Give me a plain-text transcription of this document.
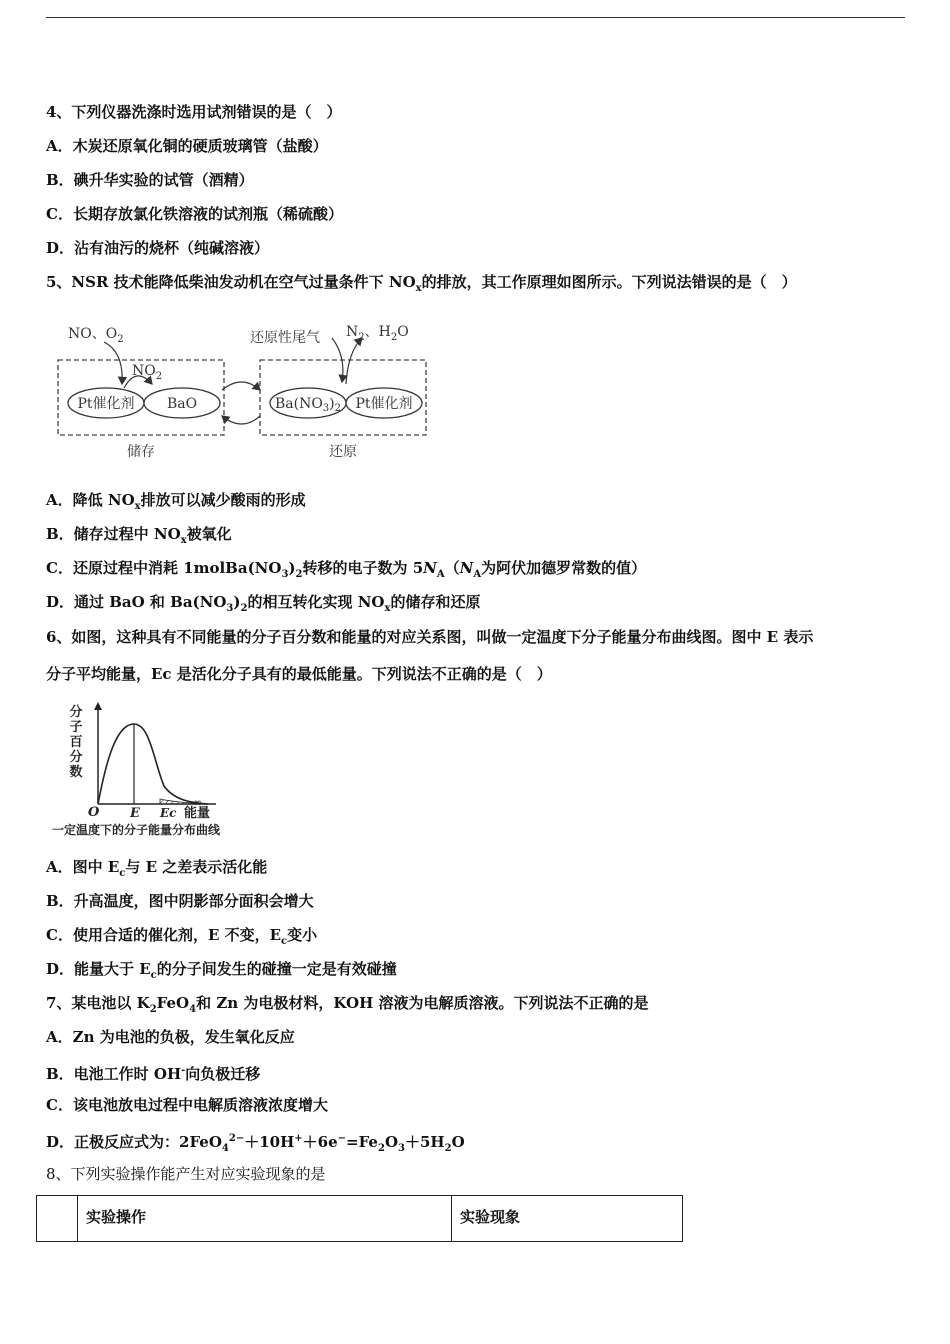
4、下列仪器洗涤时选用试剂错误的是（　）
A．木炭还原氧化铜的硬质玻璃管（盐酸）
B．碘升华实验的试管（酒精）
C．长期存放氯化铁溶液的试剂瓶（稀硫酸）
D．沾有油污的烧杯（纯碱溶液）
5、NSR 技术能降低柴油发动机在空气过量条件下 $NO_x$的排放，其工作原理如图所示。下列说法错误的是（　）
Pt催化剂 BaO	$Ba(NO_3)_2$ Pt催化剂
NO、$O_2$
$NO_2$
还原性尾气 $N_2$、$H_2O$
储存	还原
A．降低 $NO_x$排放可以减少酸雨的形成
B．储存过程中 $NO_x$被氧化
C．还原过程中消耗 $1molBa(NO_3)_2$转移的电子数为 $5N_A(N_A$为阿伏加德罗常数的值）
D．通过 BaO 和 $Ba(NO_3)_2$的相互转化实现 $NO_x$的储存和还原
6、如图，这种具有不同能量的分子百分数和能量的对应关系图，叫做一定温度下分子能量分布曲线图。图中 E 表示
分子平均能量，Ec 是活化分子具有的最低能量。下列说法不正确的是（　）
分
子
百
分
数
O E Ec
∞
能量
一定温度下的分子能量分布曲线
A．图中 $E_c$与 E 之差表示活化能
B．升高温度，图中阴影部分面积会增大
C．使用合适的催化剂，E 不变，$E_c$变小
D．能量大于 $E_c$的分子间发生的碰撞一定是有效碰撞
7、某电池以 $K_2FeO_4$和 Zn 为电极材料，KOH 溶液为电解质溶液。下列说法不正确的是
A．Zn 为电池的负极，发生氧化反应
B．电池工作时 OH-向负极迁移
C．该电池放电过程中电解质溶液浓度增大
D．正极反应式为：$2FeO_4^{2-}+10H^++6e^-=Fe_2O_3+5H_2O$
8、下列实验操作能产生对应实验现象的是
	实验操作	实验现象
